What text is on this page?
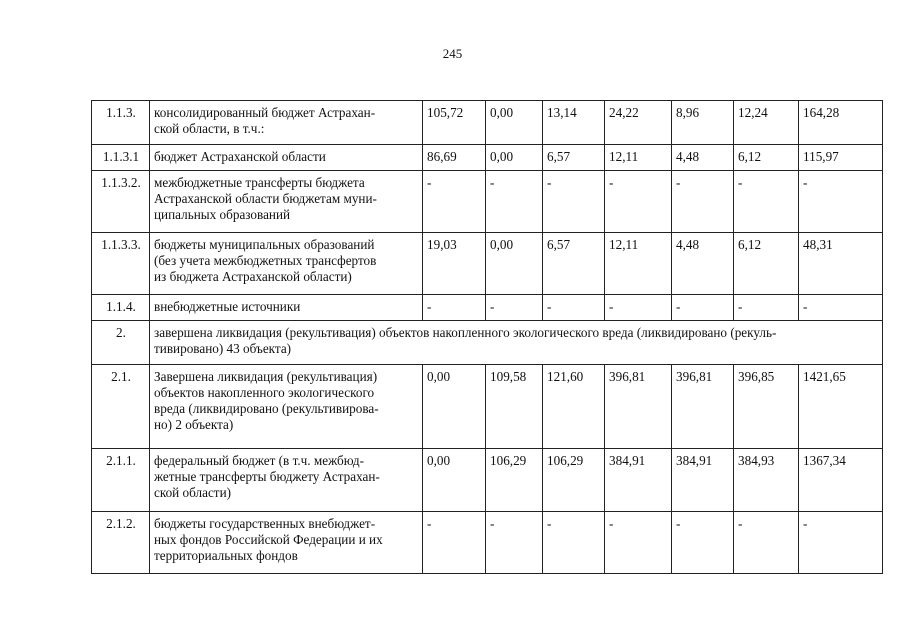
245
1.1.3.	консолидированный бюджет Астрахан-
ской области, в т.ч.:	105,72	0,00	13,14	24,22	8,96	12,24	164,28
1.1.3.1	бюджет Астраханской области	86,69	0,00	6,57	12,11	4,48	6,12	115,97
1.1.3.2.	межбюджетные трансферты бюджета
Астраханской области бюджетам муни-
ципальных образований	-	-	-	-	-	-	-
1.1.3.3.	бюджеты муниципальных образований
(без учета межбюджетных трансфертов
из бюджета Астраханской области)	19,03	0,00	6,57	12,11	4,48	6,12	48,31
1.1.4.	внебюджетные источники	-	-	-	-	-	-	-
2.	завершена ликвидация (рекультивация) объектов накопленного экологического вреда (ликвидировано (рекуль-
тивировано) 43 объекта)							
2.1.	Завершена ликвидация (рекультивация)
объектов накопленного экологического
вреда (ликвидировано (рекультивирова-
но) 2 объекта)	0,00	109,58	121,60	396,81	396,81	396,85	1421,65
2.1.1.	федеральный бюджет (в т.ч. межбюд-
жетные трансферты бюджету Астрахан-
ской области)	0,00	106,29	106,29	384,91	384,91	384,93	1367,34
2.1.2.	бюджеты государственных внебюджет-
ных фондов Российской Федерации и их
территориальных фондов	-	-	-	-	-	-	-
